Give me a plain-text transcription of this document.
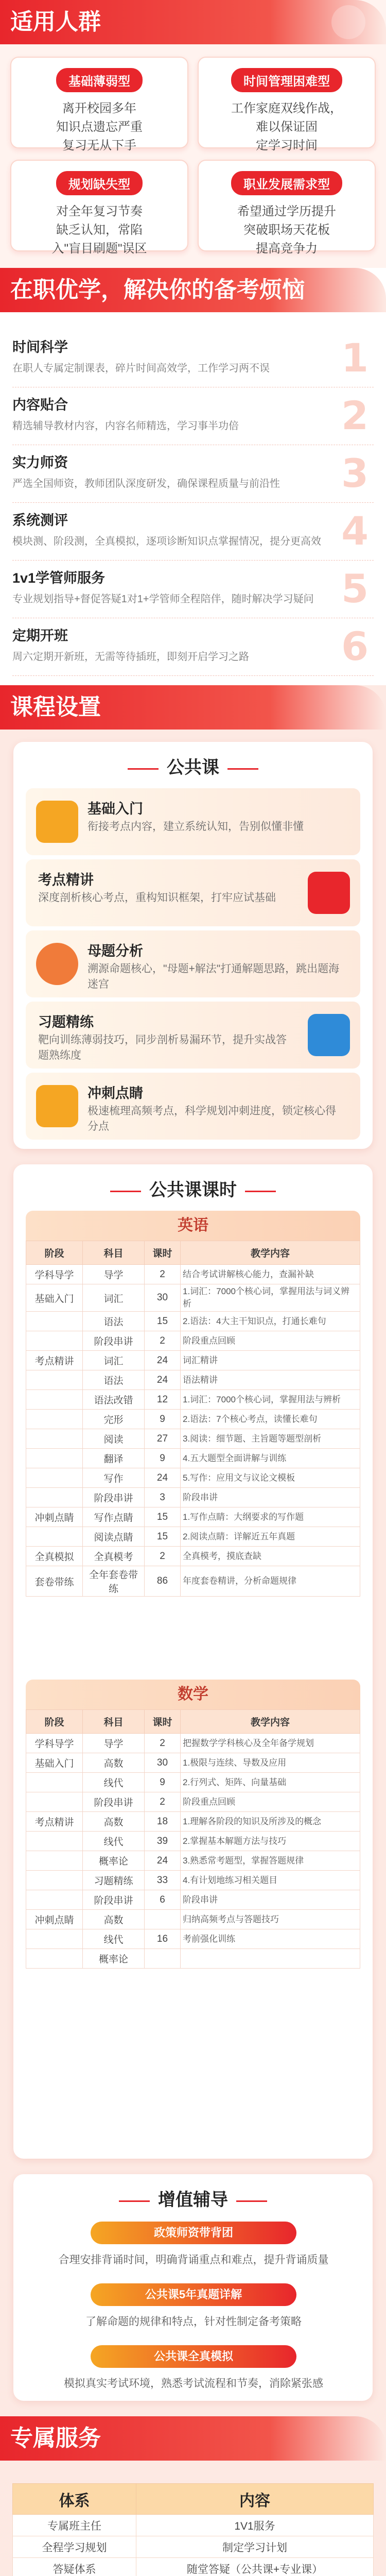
适用人群
基础薄弱型
离开校园多年
知识点遗忘严重
复习无从下手
时间管理困难型
工作家庭双线作战，
难以保证固
定学习时间
规划缺失型
对全年复习节奏
缺乏认知，常陷
入"盲目刷题"误区
职业发展需求型
希望通过学历提升
突破职场天花板
提高竞争力
在职优学，解决你的备考烦恼
时间科学
在职人专属定制课表，碎片时间高效学，工作学习两不误	1
内容贴合
精选辅导教材内容，内容名师精选，学习事半功倍	2
实力师资
严选全国师资，教师团队深度研发，确保课程质量与前沿性	3
系统测评
模块测、阶段测，全真模拟，逐项诊断知识点掌握情况，提分更高效 4
1v1学管师服务
专业规划指导+督促答疑1对1+学管师全程陪伴，随时解决学习疑问 5
定期开班
周六定期开新班，无需等待插班，即刻开启学习之路	6
课程设置
公共课
基础入门
衔接考点内容，建立系统认知，告别似懂非懂
考点精讲
深度剖析核心考点，重构知识框架，打牢应试基础
母题分析
溯源命题核心，"母题+解法"打通解题思路，跳出题海迷宫
习题精练
靶向训练薄弱技巧，同步剖析易漏环节，提升实战答题熟练度
冲刺点睛
极速梳理高频考点，科学规划冲刺进度，锁定核心得分点
公共课课时
英语
阶段	科目	课时	教学内容
学科导学	导学	2	结合考试讲解核心能力，查漏补缺
基础入门	词汇	30	1.词汇：7000个核心词，掌握用法与词义辨析
	语法	15	2.语法：4大主干知识点，打通长难句
	阶段串讲	2	阶段重点回顾
考点精讲	词汇	24	词汇精讲
	语法	24	语法精讲
	语法改错	12	1.词汇：7000个核心词，掌握用法与辨析
	完形	9	2.语法：7个核心考点，读懂长难句
	阅读	27	3.阅读：细节题、主旨题等题型剖析
	翻译	9	4.五大题型全面讲解与训练
	写作	24	5.写作：应用文与议论文模板
	阶段串讲	3	阶段串讲
冲刺点睛	写作点睛	15	1.写作点睛：大纲要求的写作题
	阅读点睛	15	2.阅读点睛：详解近五年真题
全真模拟	全真模考	2	全真模考，摸底查缺
套卷带练	全年套卷带练	86	年度套卷精讲，分析命题规律
数学
阶段	科目	课时	教学内容
学科导学	导学	2	把握数学学科核心及全年备学规划
基础入门	高数	30	1.极限与连续、导数及应用
	线代	9	2.行列式、矩阵、向量基础
	阶段串讲	2	阶段重点回顾
考点精讲	高数	18	1.理解各阶段的知识及所涉及的概念
	线代	39	2.掌握基本解题方法与技巧
	概率论	24	3.熟悉常考题型，掌握答题规律
	习题精练	33	4.有计划地练习相关题目
	阶段串讲	6	阶段串讲
冲刺点睛	高数		归纳高频考点与答题技巧
	线代	16	考前强化训练
	概率论		
增值辅导
政策师资带背团
合理安排背诵时间，明确背诵重点和难点，提升背诵质量
公共课5年真题详解
了解命题的规律和特点，针对性制定备考策略
公共课全真模拟
模拟真实考试环境，熟悉考试流程和节奏，消除紧张感
专属服务
体系	内容
专属班主任	1V1服务
全程学习规划	制定学习计划
答疑体系	随堂答疑（公共课+专业课）
